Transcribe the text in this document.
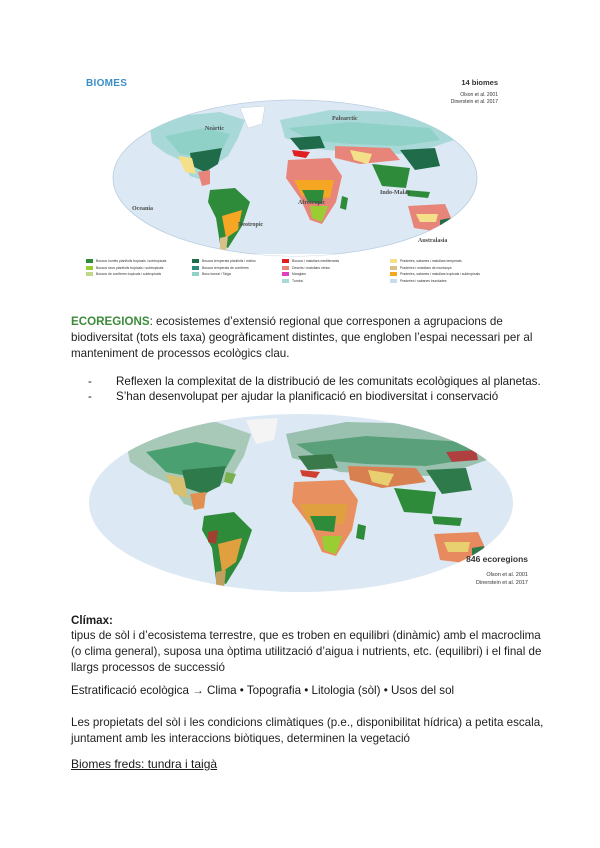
BIOMES	14 biomes
Olson et al. 2001
Dinerstein et al. 2017
Neàrtic
Palearctic
Neotropic
Afrotropic
Indo-Malay
Oceania
Australasia
Boscos humits planifolis tropicals i subtropicals
Boscos secs planifolis tropicals i subtropicals
Boscos de coníferes tropicals i subtropicals
Boscos temperats planifolis i mixtos
Boscos temperats de coníferes
Bosc boreal / Taiga
Boscos i matollars mediterranis
Deserts i matollars xèrics
Manglars
Tundra
Praderies, sabanes i matollars temperats
Praderies i matollars de muntanya
Praderies, sabanes i matollars tropicals i subtropicals
Praderies i sabanes inundades
ECOREGIONS: ecosistemes d’extensió regional que corresponen a agrupacions de biodiversitat (tots els taxa) geogràficament distintes, que engloben l’espai necessari per al manteniment de processos ecològics clau.
- Reflexen la complexitat de la distribució de les comunitats ecològiques al planetas.
- S’han desenvolupat per ajudar la planificació en biodiversitat i conservació
846 ecoregions
Olson et al. 2001
Dinerstein et al. 2017
Clímax:
tipus de sòl i d’ecosistema terrestre, que es troben en equilibri (dinàmic) amb el macroclima (o clima general), suposa una òptima utilització d’aigua i nutrients, etc. (equilibri) i el final de llargs processos de successió
Estratificació ecològica → Clima • Topografia • Litologia (sòl) • Usos del sol
Les propietats del sòl i les condicions climàtiques (p.e., disponibilitat hídrica) a petita escala, juntament amb les interaccions biòtiques, determinen la vegetació
Biomes freds: tundra i taigà
